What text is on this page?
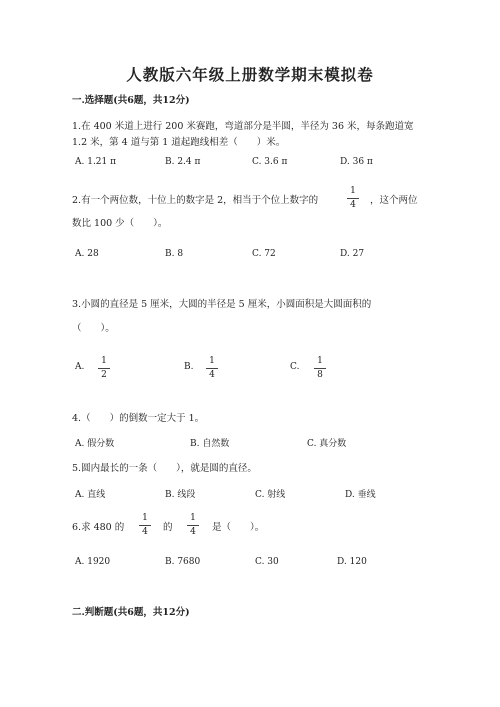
人教版六年级上册数学期末模拟卷
一.选择题(共6题，共12分)
1.在 400 米道上进行 200 米赛跑，弯道部分是半圆，半径为 36 米，每条跑道宽
1.2 米，第 4 道与第 1 道起跑线相差（　　）米。
A. 1.21 π	B. 2.4 π	C. 3.6 π	D. 36 π
2.有一个两位数，十位上的数字是 2，相当于个位上数字的
1
4	，这个两位
数比 100 少（　　）。
A. 28	B. 8	C. 72	D. 27
3.小圆的直径是 5 厘米，大圆的半径是 5 厘米，小圆面积是大圆面积的
（　　）。
A.
1
2
B.
1
4
C.
1
8
4.（　　）的倒数一定大于 1。
A. 假分数	B. 自然数	C. 真分数
5.圆内最长的一条（　　），就是圆的直径。
A. 直线	B. 线段	C. 射线	D. 垂线
6.求 480 的
1
4	的
1
4	是（　　）。
A. 1920	B. 7680	C. 30	D. 120
二.判断题(共6题，共12分)
